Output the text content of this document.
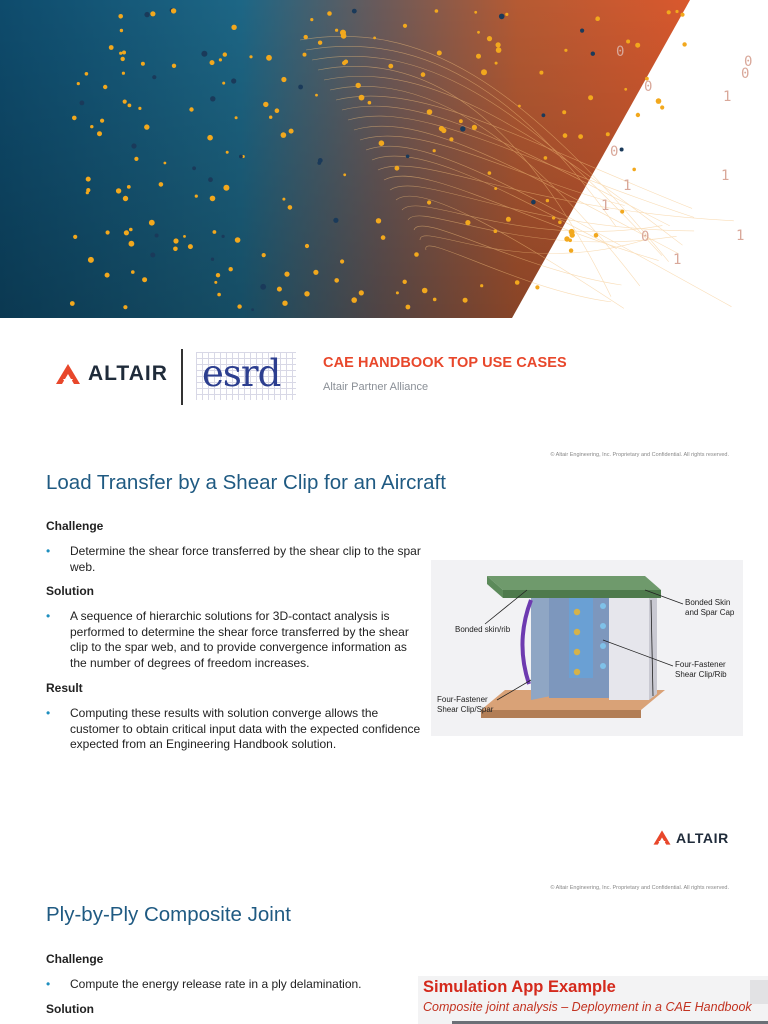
1
0
1
0
1
0
0
1
0
1
0
1
ALTAIR esrd	CAE HANDBOOK TOP USE CASES
Altair Partner Alliance
© Altair Engineering, Inc. Proprietary and Confidential. All rights reserved.
Load Transfer by a Shear Clip for an Aircraft
Challenge
• Determine the shear force transferred by the shear clip to the spar web.
Solution
• A sequence of hierarchic solutions for 3D-contact analysis is performed to determine the shear force transferred by the shear clip to the spar web, and to provide convergence information as the number of degrees of freedom increases.
Result
• Computing these results with solution converge allows the customer to obtain critical input data with the expected confidence expected from an Engineering Handbook solution.
Bonded skin/rib
Bonded Skin and Spar Cap
Four-Fastener Shear Clip/Rib
Four-Fastener Shear Clip/Spar
ALTAIR
© Altair Engineering, Inc. Proprietary and Confidential. All rights reserved.
Ply-by-Ply Composite Joint
Challenge
• Compute the energy release rate in a ply delamination.
Solution
Simulation App Example
Composite joint analysis – Deployment in a CAE Handbook
